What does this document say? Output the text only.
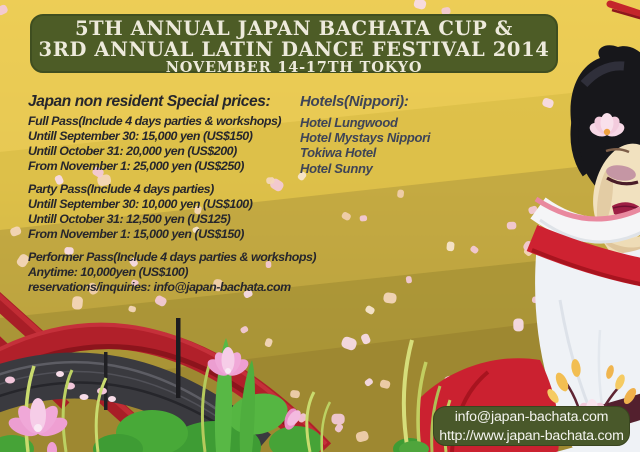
5TH ANNUAL JAPAN BACHATA CUP &
3RD ANNUAL LATIN DANCE FESTIVAL 2014
NOVEMBER 14-17TH TOKYO
Japan non resident Special prices:
Full Pass(Include 4 days parties & workshops)
Untill September 30: 15,000 yen (US$150)
Untill October 31: 20,000 yen (US$200)
From November 1: 25,000 yen (US$250)
Party Pass(Include 4 days parties)
Untill September 30: 10,000 yen (US$100)
Untill October 31: 12,500 yen (US125)
From November 1: 15,000 yen (US$150)
Performer Pass(Include 4 days parties & workshops)
Anytime: 10,000yen (US$100)
reservations/inquiries: info@japan-bachata.com
Hotels(Nippori):
Hotel Lungwood
Hotel Mystays Nippori
Tokiwa Hotel
Hotel Sunny
info@japan-bachata.com
http://www.japan-bachata.com
